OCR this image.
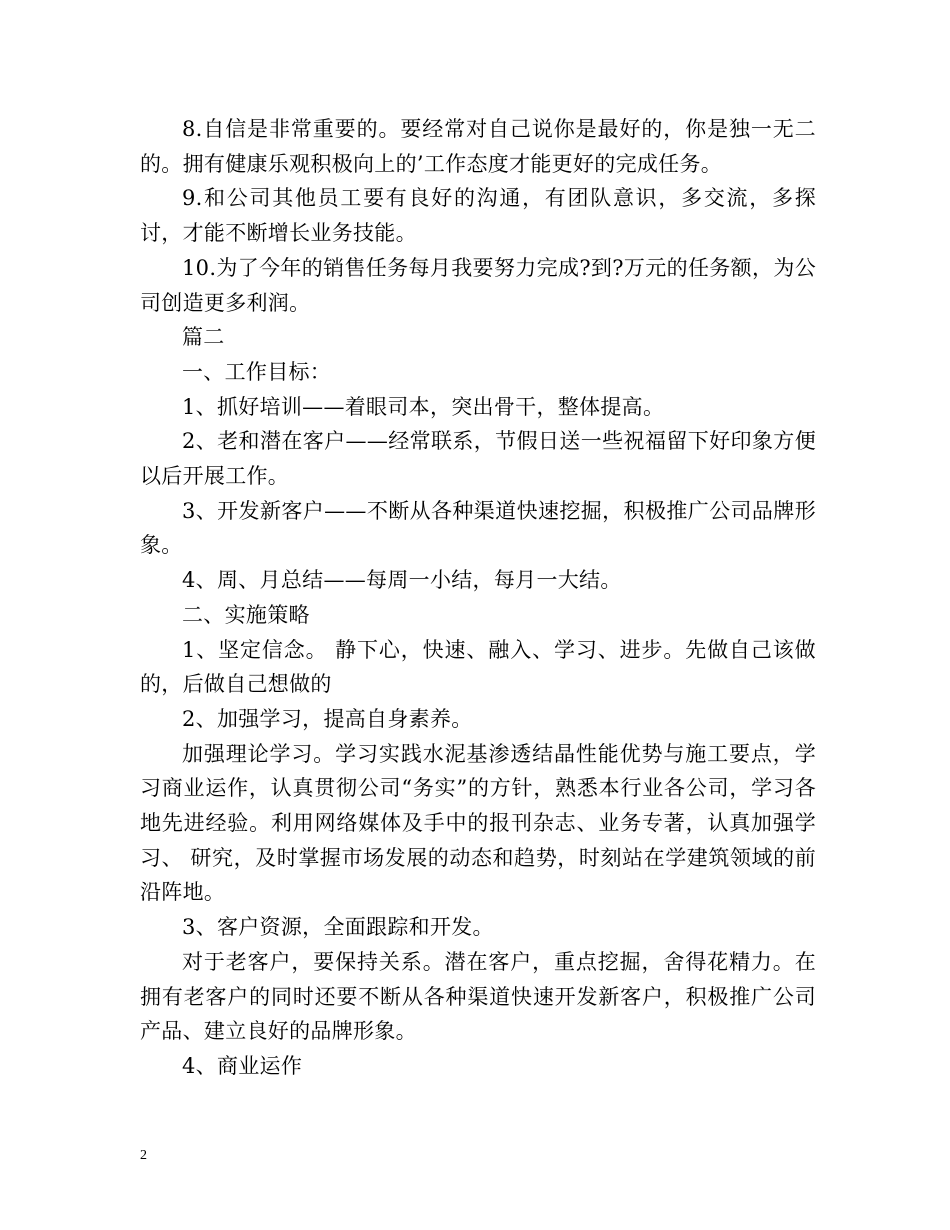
8.自信是非常重要的。要经常对自己说你是最好的，你是独一无二的。拥有健康乐观积极向上的’工作态度才能更好的完成任务。

9.和公司其他员工要有良好的沟通，有团队意识，多交流，多探讨，才能不断增长业务技能。

10.为了今年的销售任务每月我要努力完成?到?万元的任务额，为公司创造更多利润。

篇二

一、工作目标：

1、抓好培训——着眼司本，突出骨干，整体提高。

2、老和潜在客户——经常联系，节假日送一些祝福留下好印象方便以后开展工作。

3、开发新客户——不断从各种渠道快速挖掘，积极推广公司品牌形象。

4、周、月总结——每周一小结，每月一大结。

二、实施策略

1、坚定信念。 静下心，快速、融入、学习、进步。先做自己该做的，后做自己想做的

2、加强学习，提高自身素养。

加强理论学习。学习实践水泥基渗透结晶性能优势与施工要点，学习商业运作，认真贯彻公司“务实”的方针，熟悉本行业各公司，学习各地先进经验。利用网络媒体及手中的报刊杂志、业务专著，认真加强学习、 研究，及时掌握市场发展的动态和趋势，时刻站在学建筑领域的前沿阵地。

3、客户资源，全面跟踪和开发。

对于老客户，要保持关系。潜在客户，重点挖掘，舍得花精力。在拥有老客户的同时还要不断从各种渠道快速开发新客户，积极推广公司产品、建立良好的品牌形象。

4、商业运作

2
